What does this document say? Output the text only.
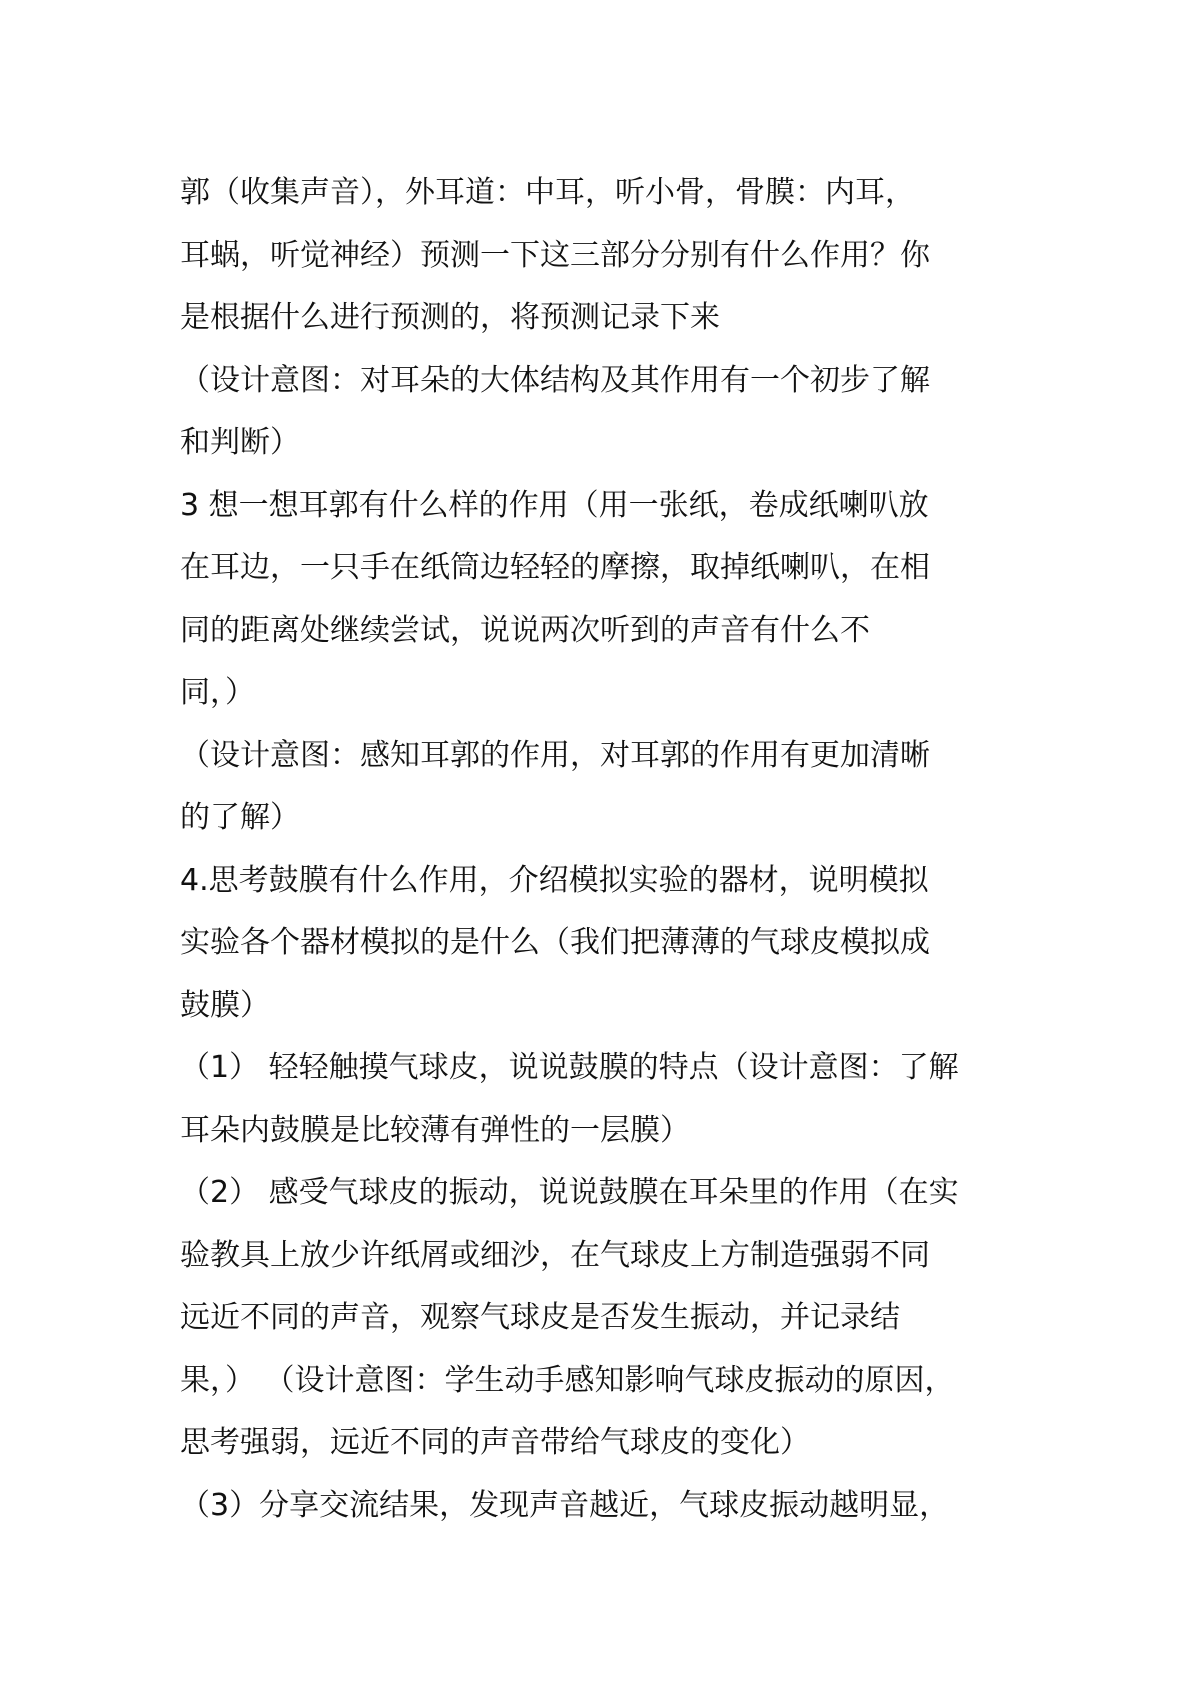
郭（收集声音），外耳道：中耳，听小骨，骨膜：内耳，
耳蜗，听觉神经）预测一下这三部分分别有什么作用？你
是根据什么进行预测的，将预测记录下来
（设计意图：对耳朵的大体结构及其作用有一个初步了解
和判断）
3 想一想耳郭有什么样的作用（用一张纸，卷成纸喇叭放
在耳边，一只手在纸筒边轻轻的摩擦，取掉纸喇叭，在相
同的距离处继续尝试，说说两次听到的声音有什么不
同，）
（设计意图：感知耳郭的作用，对耳郭的作用有更加清晰
的了解）
4.思考鼓膜有什么作用，介绍模拟实验的器材，说明模拟
实验各个器材模拟的是什么（我们把薄薄的气球皮模拟成
鼓膜）
（1） 轻轻触摸气球皮，说说鼓膜的特点（设计意图：了解
耳朵内鼓膜是比较薄有弹性的一层膜）
（2） 感受气球皮的振动，说说鼓膜在耳朵里的作用（在实
验教具上放少许纸屑或细沙，在气球皮上方制造强弱不同
远近不同的声音，观察气球皮是否发生振动，并记录结
果，） （设计意图：学生动手感知影响气球皮振动的原因，
思考强弱，远近不同的声音带给气球皮的变化）
（3）分享交流结果，发现声音越近，气球皮振动越明显，
